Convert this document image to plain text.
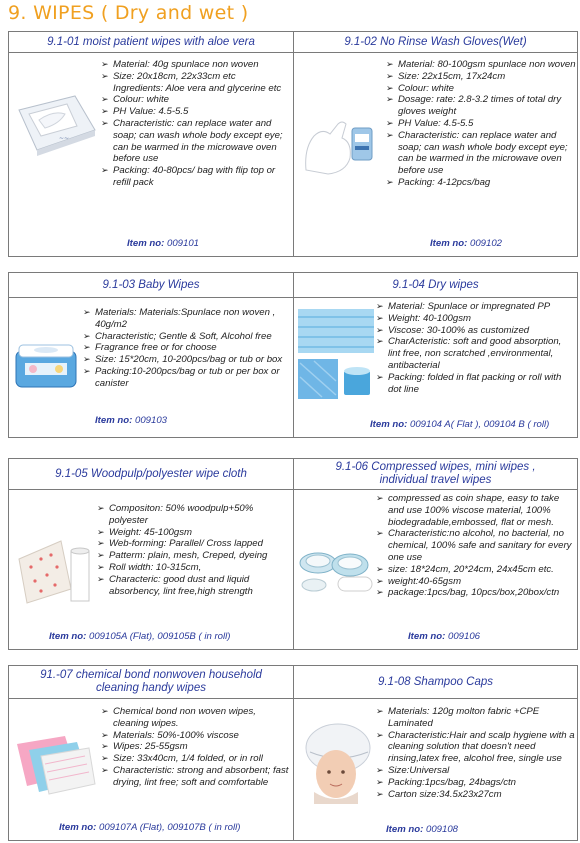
9. WIPES ( Dry and wet )
9.1-01 moist patient wipes with aloe vera
~~
➢ Material: 40g spunlace non woven
➢ Size: 20x18cm, 22x33cm etc
Ingredients: Aloe vera and glycerine etc
➢ Colour: white
➢ PH Value: 4.5-5.5
➢ Characteristic: can replace water and soap; can wash whole body except eye; can be warmed in the microwave oven before use
➢ Packing: 40-80pcs/ bag with flip top or refill pack
Item no: 009101
9.1-02 No Rinse Wash Gloves(Wet)
➢ Material: 80-100gsm spunlace non woven
➢ Size: 22x15cm, 17x24cm
➢ Colour: white
➢ Dosage: rate: 2.8-3.2 times of total dry gloves weight
➢ PH Value: 4.5-5.5
➢ Characteristic: can replace water and soap; can wash whole body except eye; can be warmed in the microwave oven before use
➢ Packing: 4-12pcs/bag
Item no: 009102
9.1-03 Baby Wipes
➢ Materials: Materials:Spunlace non woven , 40g/m2
➢ Characteristic; Gentle & Soft, Alcohol free
➢ Fragrance free or for choose
➢ Size: 15*20cm, 10-200pcs/bag or tub or box
➢ Packing:10-200pcs/bag or tub or per box or canister
Item no: 009103
9.1-04 Dry wipes
➢ Material: Spunlace or impregnated PP
➢ Weight: 40-100gsm
➢ Viscose: 30-100% as customized
➢ CharActeristic: soft and good absorption, lint free, non scratched ,environmental, antibacterial
➢ Packing: folded in flat packing or roll with dot line
Item no: 009104 A( Flat ), 009104 B ( roll)
9.1-05 Woodpulp/polyester wipe cloth
➢ Compositon: 50% woodpulp+50% polyester
➢ Weight: 45-100gsm
➢ Web-forming: Parallel/ Cross lapped
➢ Patterm: plain, mesh, Creped, dyeing
➢ Roll width: 10-315cm,
➢ Characteric: good dust and liquid absorbency, lint free,high strength
Item no: 009105A (Flat), 009105B ( in roll)
9.1-06 Compressed wipes, mini wipes ,
individual travel wipes
➢ compressed as coin shape, easy to take and use 100% viscose material, 100% biodegradable,embossed, flat or mesh.
➢ Characteristic:no alcohol, no bacterial, no chemical, 100% safe and sanitary for every one use
➢ size: 18*24cm, 20*24cm, 24x45cm etc.
➢ weight:40-65gsm
➢ package:1pcs/bag, 10pcs/box,20box/ctn
Item no: 009106
91.-07 chemical bond nonwoven household
cleaning handy wipes
➢ Chemical bond non woven wipes, cleaning wipes.
➢ Materials: 50%-100% viscose
➢ Wipes: 25-55gsm
➢ Size: 33x40cm, 1/4 folded, or in roll
➢ Characteristic: strong and absorbent; fast drying, lint free; soft and comfortable
Item no: 009107A (Flat), 009107B ( in roll)
9.1-08 Shampoo Caps
➢ Materials: 120g molton fabric +CPE Laminated
➢ Characteristic:Hair and scalp hygiene with a cleaning solution that doesn't need rinsing,latex free, alcohol free, single use
➢ Size:Universal
➢ Packing:1pcs/bag, 24bags/ctn
➢ Carton size:34.5x23x27cm
Item no: 009108
